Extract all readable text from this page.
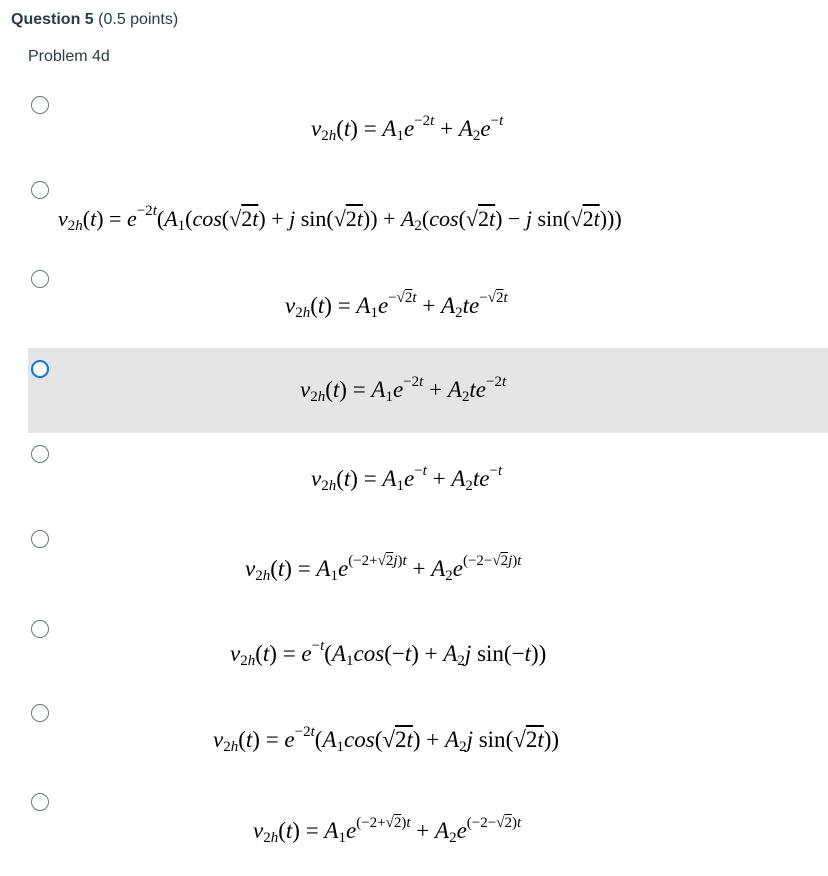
Question 5 (0.5 points)
Problem 4d
$v_{2h}(t) = A_1e^{-2t} + A_2e^{-t}$
$v_{2h}(t) = e^{-2t}(A_1(\cos(√2t) + j$ $\sin(√2t)) + A_2(\cos(√2t) - j$ sin(√2t)))
$v_{2h}(t) = A_1e^{-√2t} + A_2te^{-√2t}$
$v_{2h}(t) = A_1e^{-2t} + A_2te^{-2t}$
$v_{2h}(t) = A_1e^{-t} + A_2te^{-t}$
$v_{2h}(t) = A_1e^{(-2+√2j)t} + A_2e^{(-2-√2j)t}$
$v_{2h}(t) = e^{-t}(A_1\cos(-t) + A_2j$ sin(−t))
$v_{2h}(t) = e^{-2t}(A_1\cos(√2t) + A_2j$ sin(√2t))
$v_{2h}(t) = A_1e^{(-2+√2)t} + A_2e^{(-2-√2)t}$
